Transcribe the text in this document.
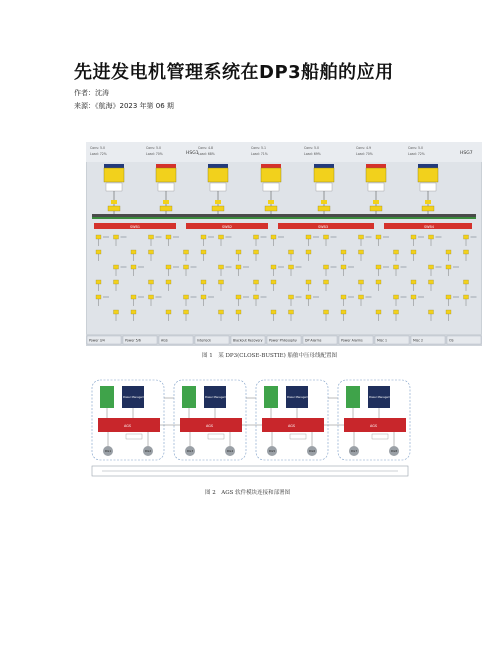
先进发电机管理系统在DP3船舶的应用
作者：沈涛
来源：《航海》2023 年第 06 期
Cons: 5.0
Load: 72%
Cons: 5.0
Load: 70%
Cons: 4.8
Load: 68%
Cons: 5.1
Load: 71%
Cons: 5.0
Load: 69%
Cons: 4.9
Load: 70%
Cons: 5.0
Load: 72%
HSG1	HSG7
SWB1	SWB2	SWB3	SWB4
Power 3/4	Power 5/6	AGS	Interlock	Blackout Recovery Power Philosophy	DP Alarms	Power Alarms	Misc 1	Misc 2	OS
图 1　某 DP3(CLOSE-BUSTIE) 船舶中压母线配置图
Power Management
AGS
DG1	DG2
Power Management
AGS
DG3	DG4
Power Management
AGS
DG5	DG6
Power Management
AGS
DG7	DG8
图 2　AGS 软件模块连接和部署图
